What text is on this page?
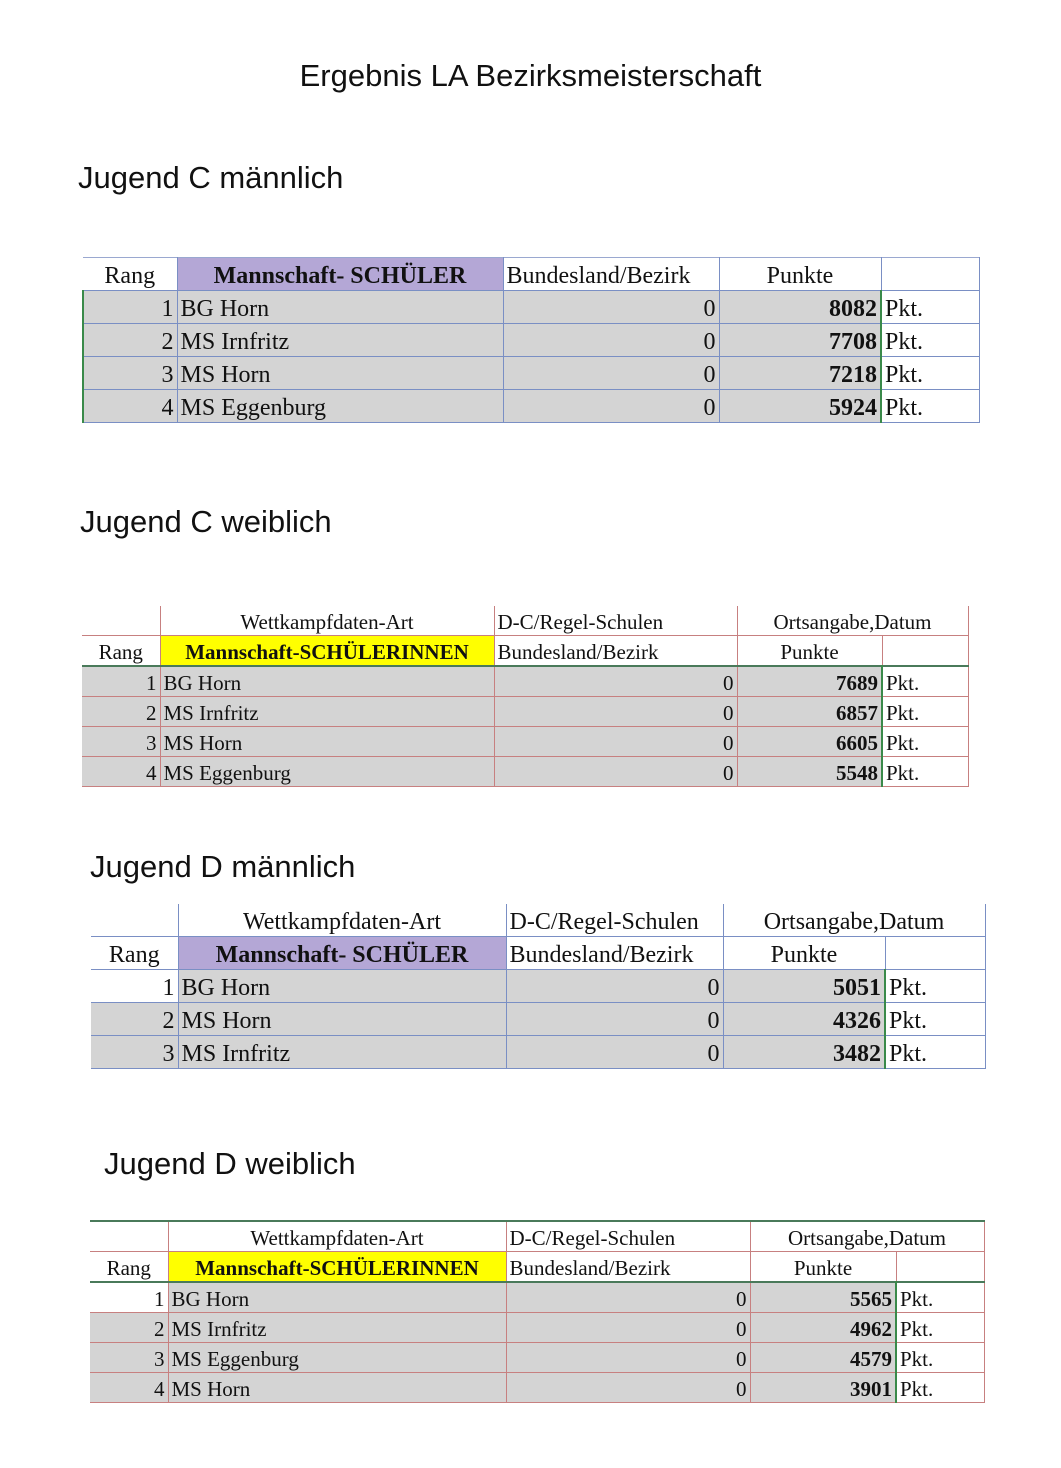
Ergebnis LA Bezirksmeisterschaft
Jugend C männlich
Rang	Mannschaft- SCHÜLER	Bundesland/Bezirk	Punkte	
1	BG Horn	0	8082	Pkt.
2	MS Irnfritz	0	7708	Pkt.
3	MS Horn	0	7218	Pkt.
4	MS Eggenburg	0	5924	Pkt.
Jugend C weiblich
	Wettkampfdaten-Art	D-C/Regel-Schulen	Ortsangabe,Datum	
Rang	Mannschaft-SCHÜLERINNEN	Bundesland/Bezirk	Punkte	
1	BG Horn	0	7689	Pkt.
2	MS Irnfritz	0	6857	Pkt.
3	MS Horn	0	6605	Pkt.
4	MS Eggenburg	0	5548	Pkt.
Jugend D männlich
	Wettkampfdaten-Art	D-C/Regel-Schulen	Ortsangabe,Datum	
Rang	Mannschaft- SCHÜLER	Bundesland/Bezirk	Punkte	
1	BG Horn	0	5051	Pkt.
2	MS Horn	0	4326	Pkt.
3	MS Irnfritz	0	3482	Pkt.
Jugend D weiblich
	Wettkampfdaten-Art	D-C/Regel-Schulen	Ortsangabe,Datum	
Rang	Mannschaft-SCHÜLERINNEN	Bundesland/Bezirk	Punkte	
1	BG Horn	0	5565	Pkt.
2	MS Irnfritz	0	4962	Pkt.
3	MS Eggenburg	0	4579	Pkt.
4	MS Horn	0	3901	Pkt.
